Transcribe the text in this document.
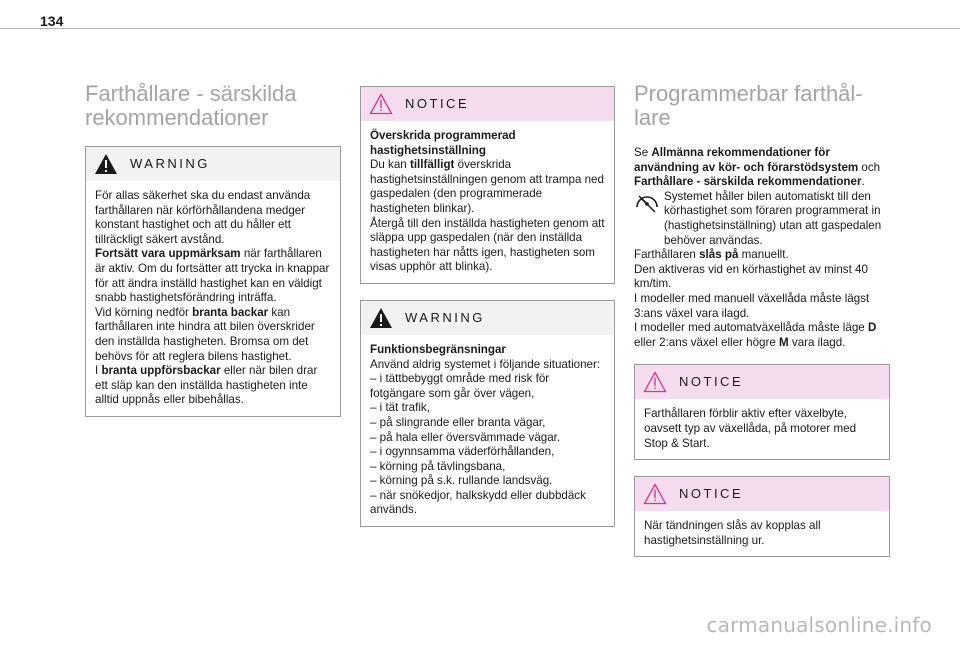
134
Farthållare - särskilda rekommendationer
WARNING

För allas säkerhet ska du endast använda farthållaren när körförhållandena medger konstant hastighet och att du håller ett tillräckligt säkert avstånd.

Fortsätt vara uppmärksam när farthållaren är aktiv. Om du fortsätter att trycka in knappar för att ändra inställd hastighet kan en väldigt snabb hastighetsförändring inträffa.

Vid körning nedför branta backar kan farthållaren inte hindra att bilen överskrider den inställda hastigheten. Bromsa om det behövs för att reglera bilens hastighet.

I branta uppförsbackar eller när bilen drar ett släp kan den inställda hastigheten inte alltid uppnås eller bibehållas.

NOTICE

Överskrida programmerad hastighetsinställning

Du kan tillfälligt överskrida hastighetsinställningen genom att trampa ned gaspedalen (den programmerade hastigheten blinkar).

Återgå till den inställda hastigheten genom att släppa upp gaspedalen (när den inställda hastigheten har nåtts igen, hastigheten som visas upphör att blinka).

WARNING

Funktionsbegränsningar

Använd aldrig systemet i följande situationer:

– i tättbebyggt område med risk för fotgängare som går över vägen,
– i tät trafik,
– på slingrande eller branta vägar,
– på hala eller översvämmade vägar.
– i ogynnsamma väderförhållanden,
– körning på tävlingsbana,
– körning på s.k. rullande landsväg.
– när snökedjor, halkskydd eller dubbdäck används.
Programmerbar farthål-lare

Se Allmänna rekommendationer för användning av kör- och förarstödsystem och Farthållare - särskilda rekommendationer.

Systemet håller bilen automatiskt till den körhastighet som föraren programmerat in (hastighetsinställning) utan att gaspedalen behöver användas.

Farthållaren slås på manuellt.

Den aktiveras vid en körhastighet av minst 40 km/tim.

I modeller med manuell växellåda måste lägst 3:ans växel vara ilagd.

I modeller med automatväxellåda måste läge D eller 2:ans växel eller högre M vara ilagd.

NOTICE

Farthållaren förblir aktiv efter växelbyte, oavsett typ av växellåda, på motorer med Stop & Start.

NOTICE

När tändningen slås av kopplas all hastighetsinställning ur.

carmanualsonline.info
